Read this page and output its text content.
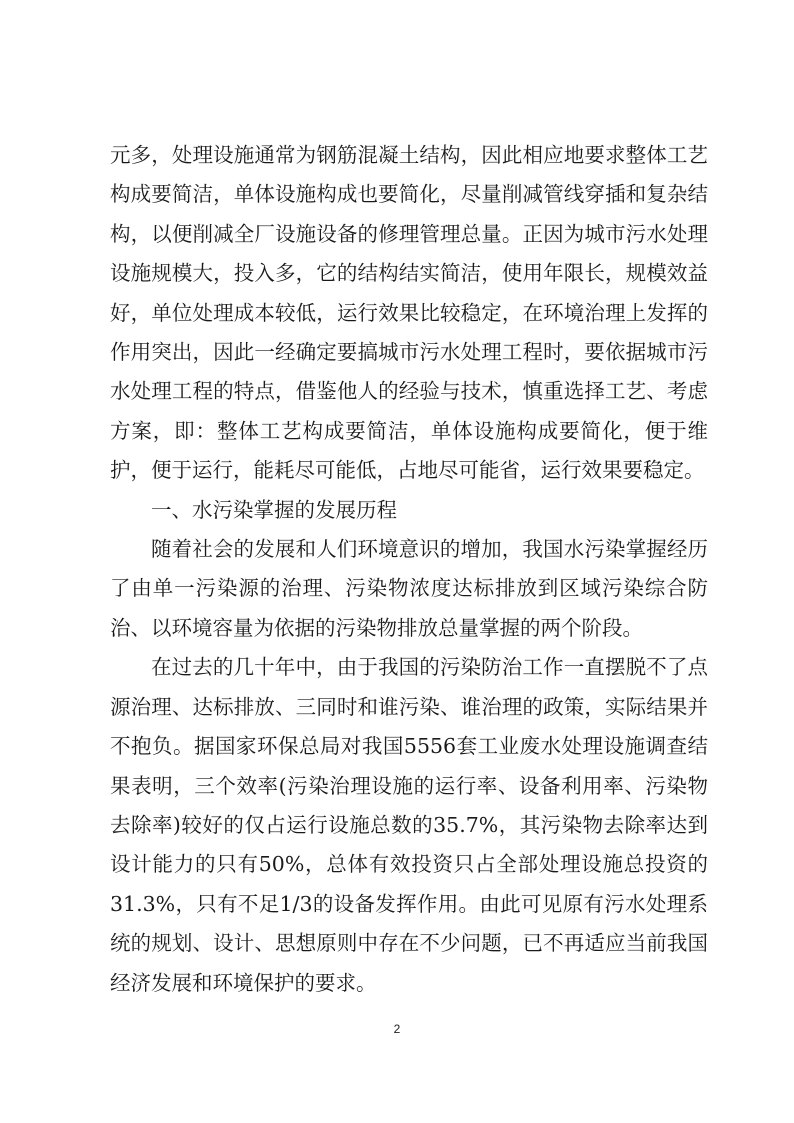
元多，处理设施通常为钢筋混凝土结构，因此相应地要求整体工艺构成要简洁，单体设施构成也要简化，尽量削减管线穿插和复杂结构，以便削减全厂设施设备的修理管理总量。正因为城市污水处理设施规模大，投入多，它的结构结实简洁，使用年限长，规模效益好，单位处理成本较低，运行效果比较稳定，在环境治理上发挥的作用突出，因此一经确定要搞城市污水处理工程时，要依据城市污水处理工程的特点，借鉴他人的经验与技术，慎重选择工艺、考虑方案，即：整体工艺构成要简洁，单体设施构成要简化，便于维护，便于运行，能耗尽可能低，占地尽可能省，运行效果要稳定。

一、水污染掌握的发展历程

随着社会的发展和人们环境意识的增加，我国水污染掌握经历了由单一污染源的治理、污染物浓度达标排放到区域污染综合防治、以环境容量为依据的污染物排放总量掌握的两个阶段。

在过去的几十年中，由于我国的污染防治工作一直摆脱不了点源治理、达标排放、三同时和谁污染、谁治理的政策，实际结果并不抱负。据国家环保总局对我国5556套工业废水处理设施调查结果表明，三个效率(污染治理设施的运行率、设备利用率、污染物去除率)较好的仅占运行设施总数的35.7%，其污染物去除率达到设计能力的只有50%，总体有效投资只占全部处理设施总投资的31.3%，只有不足1/3的设备发挥作用。由此可见原有污水处理系统的规划、设计、思想原则中存在不少问题，已不再适应当前我国经济发展和环境保护的要求。

2
